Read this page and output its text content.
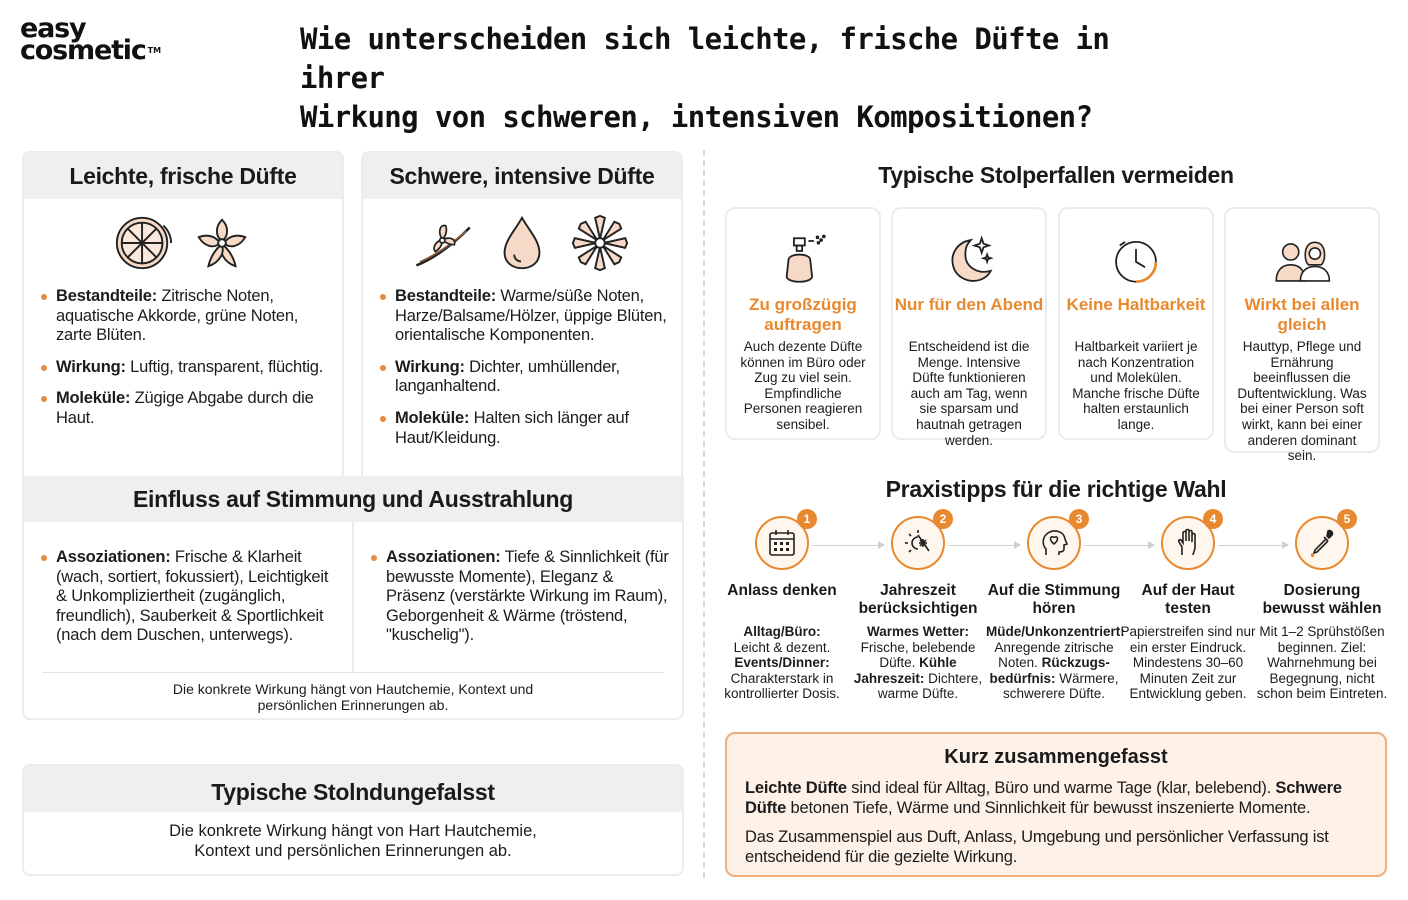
easy
cosmetic ™	Wie unterscheiden sich leichte, frische Düfte in ihrer
Wirkung von schweren, intensiven Kompositionen?
Leichte, frische Düfte
Bestandteile: Zitrische Noten, aquatische Akkorde, grüne Noten, zarte Blüten.
Wirkung: Luftig, transparent, flüchtig.
Moleküle: Zügige Abgabe durch die Haut.
Schwere, intensive Düfte
Bestandteile: Warme/süße Noten, Harze/Balsame/Hölzer, üppige Blüten, orientalische Komponenten.
Wirkung: Dichter, umhüllender, langanhaltend.
Moleküle: Halten sich länger auf Haut/Kleidung.
Einfluss auf Stimmung und Ausstrahlung
Assoziationen: Frische & Klarheit (wach, sortiert, fokussiert), Leichtigkeit & Unkompliziertheit (zugänglich, freundlich), Sauberkeit & Sportlichkeit (nach dem Duschen, unterwegs).
Assoziationen: Tiefe & Sinnlichkeit (für bewusste Momente), Eleganz & Präsenz (verstärkte Wirkung im Raum), Geborgenheit & Wärme (tröstend, "kuschelig").
Die konkrete Wirkung hängt von Hautchemie, Kontext und
persönlichen Erinnerungen ab.
Typische Stolndungefalsst
Die konkrete Wirkung hängt von Hart Hautchemie,
Kontext und persönlichen Erinnerungen ab.
Typische Stolperfallen vermeiden
Zu großzügig auftragen
Auch dezente Düfte können im Büro oder Zug zu viel sein. Empfindliche Personen reagieren sensibel.
Nur für den Abend
Entscheidend ist die Menge. Intensive Düfte funktionieren auch am Tag, wenn sie sparsam und hautnah getragen werden.
Keine Haltbarkeit
Haltbarkeit variiert je nach Konzentration und Molekülen. Manche frische Düfte halten erstaunlich lange.
Wirkt bei allen gleich
Hauttyp, Pflege und Ernährung beeinflussen die Duftentwicklung. Was bei einer Person soft wirkt, kann bei einer anderen dominant sein.
Praxistipps für die richtige Wahl
1
Anlass denken
Alltag/Büro:
Leicht & dezent.
Events/Dinner:
Charakterstark in kontrollierter Dosis.
2
Jahreszeit berücksichtigen
Warmes Wetter: Frische, belebende Düfte. Kühle Jahreszeit: Dichtere, warme Düfte.
3
Auf die Stimmung hören
Müde/Unkonzentriert: Anregende zitrische Noten. Rückzugs-bedürfnis: Wärmere, schwerere Düfte.
4
Auf der Haut testen
Papierstreifen sind nur ein erster Eindruck. Mindestens 30–60 Minuten Zeit zur Entwicklung geben.
5
Dosierung bewusst wählen
Mit 1–2 Sprühstößen beginnen. Ziel: Wahrnehmung bei Begegnung, nicht schon beim Eintreten.
Kurz zusammengefasst
Leichte Düfte sind ideal für Alltag, Büro und warme Tage (klar, belebend). Schwere Düfte betonen Tiefe, Wärme und Sinnlichkeit für bewusst inszenierte Momente.
Das Zusammenspiel aus Duft, Anlass, Umgebung und persönlicher Verfassung ist entscheidend für die gezielte Wirkung.
